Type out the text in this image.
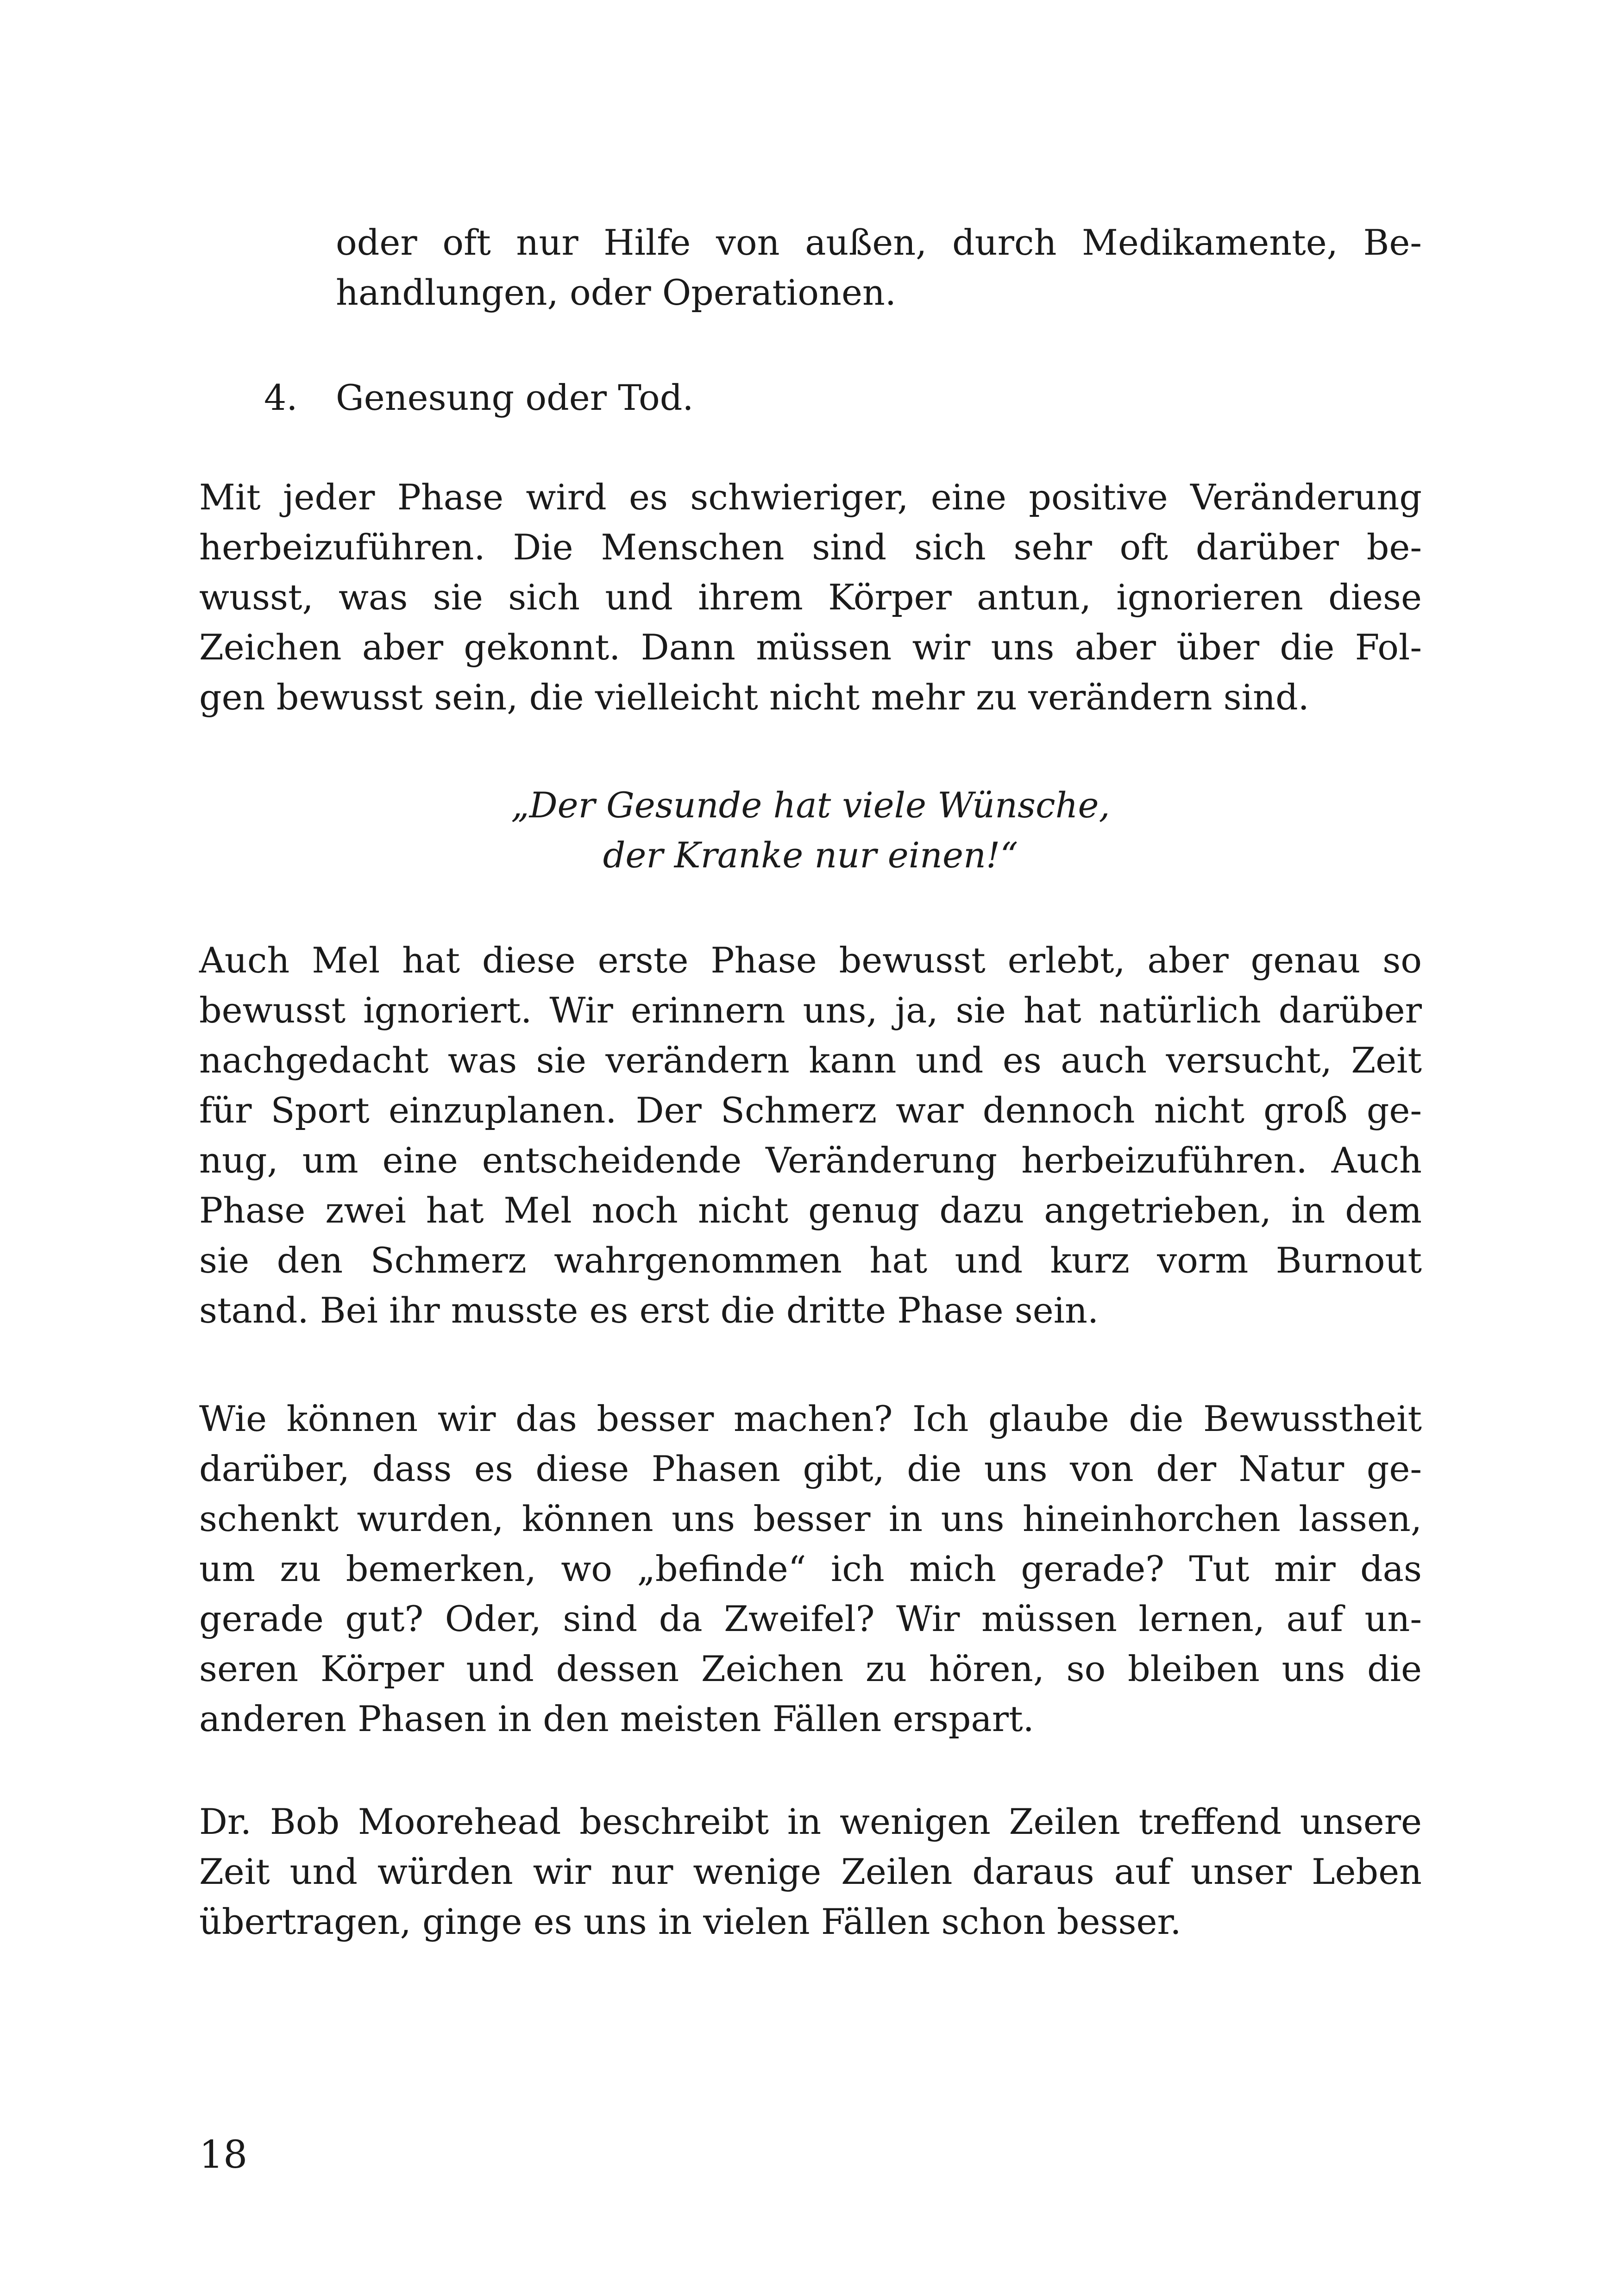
oder oft nur Hilfe von außen, durch Medikamente, Be-
handlungen, oder Operationen.
4. Genesung oder Tod.
Mit jeder Phase wird es schwieriger, eine positive Veränderung
herbeizuführen. Die Menschen sind sich sehr oft darüber be-
wusst, was sie sich und ihrem Körper antun, ignorieren diese
Zeichen aber gekonnt. Dann müssen wir uns aber über die Fol-
gen bewusst sein, die vielleicht nicht mehr zu verändern sind.
„Der Gesunde hat viele Wünsche,
der Kranke nur einen!“
Auch Mel hat diese erste Phase bewusst erlebt, aber genau so
bewusst ignoriert. Wir erinnern uns, ja, sie hat natürlich darüber
nachgedacht was sie verändern kann und es auch versucht, Zeit
für Sport einzuplanen. Der Schmerz war dennoch nicht groß ge-
nug, um eine entscheidende Veränderung herbeizuführen. Auch
Phase zwei hat Mel noch nicht genug dazu angetrieben, in dem
sie den Schmerz wahrgenommen hat und kurz vorm Burnout
stand. Bei ihr musste es erst die dritte Phase sein.
Wie können wir das besser machen? Ich glaube die Bewusstheit
darüber, dass es diese Phasen gibt, die uns von der Natur ge-
schenkt wurden, können uns besser in uns hineinhorchen lassen,
um zu bemerken, wo „befinde“ ich mich gerade? Tut mir das
gerade gut? Oder, sind da Zweifel? Wir müssen lernen, auf un-
seren Körper und dessen Zeichen zu hören, so bleiben uns die
anderen Phasen in den meisten Fällen erspart.
Dr. Bob Moorehead beschreibt in wenigen Zeilen treffend unsere
Zeit und würden wir nur wenige Zeilen daraus auf unser Leben
übertragen, ginge es uns in vielen Fällen schon besser.
18
